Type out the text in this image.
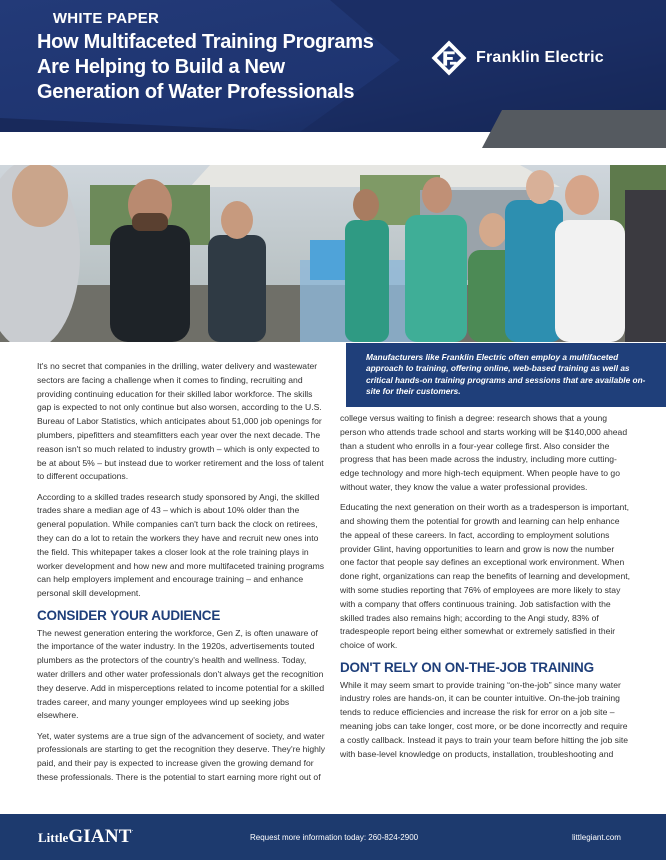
How Multifaceted Training Programs Are Helping to Build a New Generation of Water Professionals
Franklin Electric
WHITE PAPER
Manufacturers like Franklin Electric often employ a multifaceted approach to training, offering online, web-based training as well as critical hands-on training programs and sessions that are available on-site for their customers.

It's no secret that companies in the drilling, water delivery and wastewater sectors are facing a challenge when it comes to finding, recruiting and providing continuing education for their skilled labor workforce. The skills gap is expected to not only continue but also worsen, according to the U.S. Bureau of Labor Statistics, which anticipates about 51,000 job openings for plumbers, pipefitters and steamfitters each year over the next decade. The reason isn't so much related to industry growth – which is only expected to be at about 5% – but instead due to worker retirement and the loss of talent to different occupations.

According to a skilled trades research study sponsored by Angi, the skilled trades share a median age of 43 – which is about 10% older than the general population. While companies can't turn back the clock on retirees, they can do a lot to retain the workers they have and recruit new ones into the field. This whitepaper takes a closer look at the role training plays in worker development and how new and more multifaceted training programs can help employers implement and encourage training – and enhance personal skill development.

CONSIDER YOUR AUDIENCE

The newest generation entering the workforce, Gen Z, is often unaware of the importance of the water industry. In the 1920s, advertisements touted plumbers as the protectors of the country's health and wellness. Today, water drillers and other water professionals don't always get the recognition they deserve. Add in misperceptions related to income potential for a skilled trades career, and many younger employees wind up seeking jobs elsewhere.

Yet, water systems are a true sign of the advancement of society, and water professionals are starting to get the recognition they deserve. They're highly paid, and their pay is expected to increase given the growing demand for these professionals. There is the potential to start earning more right out of

college versus waiting to finish a degree: research shows that a young person who attends trade school and starts working will be $140,000 ahead than a student who enrolls in a four-year college first. Also consider the progress that has been made across the industry, including more cutting-edge technology and more high-tech equipment. When people have to go without water, they know the value a water professional provides.

Educating the next generation on their worth as a tradesperson is important, and showing them the potential for growth and learning can help enhance the appeal of these careers. In fact, according to employment solutions provider Glint, having opportunities to learn and grow is now the number one factor that people say defines an exceptional work environment. When done right, organizations can reap the benefits of learning and development, with some studies reporting that 76% of employees are more likely to stay with a company that offers continuous training. Job satisfaction with the skilled trades also remains high; according to the Angi study, 83% of tradespeople report being either somewhat or extremely satisfied in their choice of work.

DON'T RELY ON ON-THE-JOB TRAINING

While it may seem smart to provide training “on-the-job” since many water industry roles are hands-on, it can be counter intuitive. On-the-job training tends to reduce efficiencies and increase the risk for error on a job site – meaning jobs can take longer, cost more, or be done incorrectly and require a costly callback. Instead it pays to train your team before hitting the job site with base-level knowledge on products, installation, troubleshooting and

LittleGIANT.
Request more information today: 260-824-2900	littlegiant.com
